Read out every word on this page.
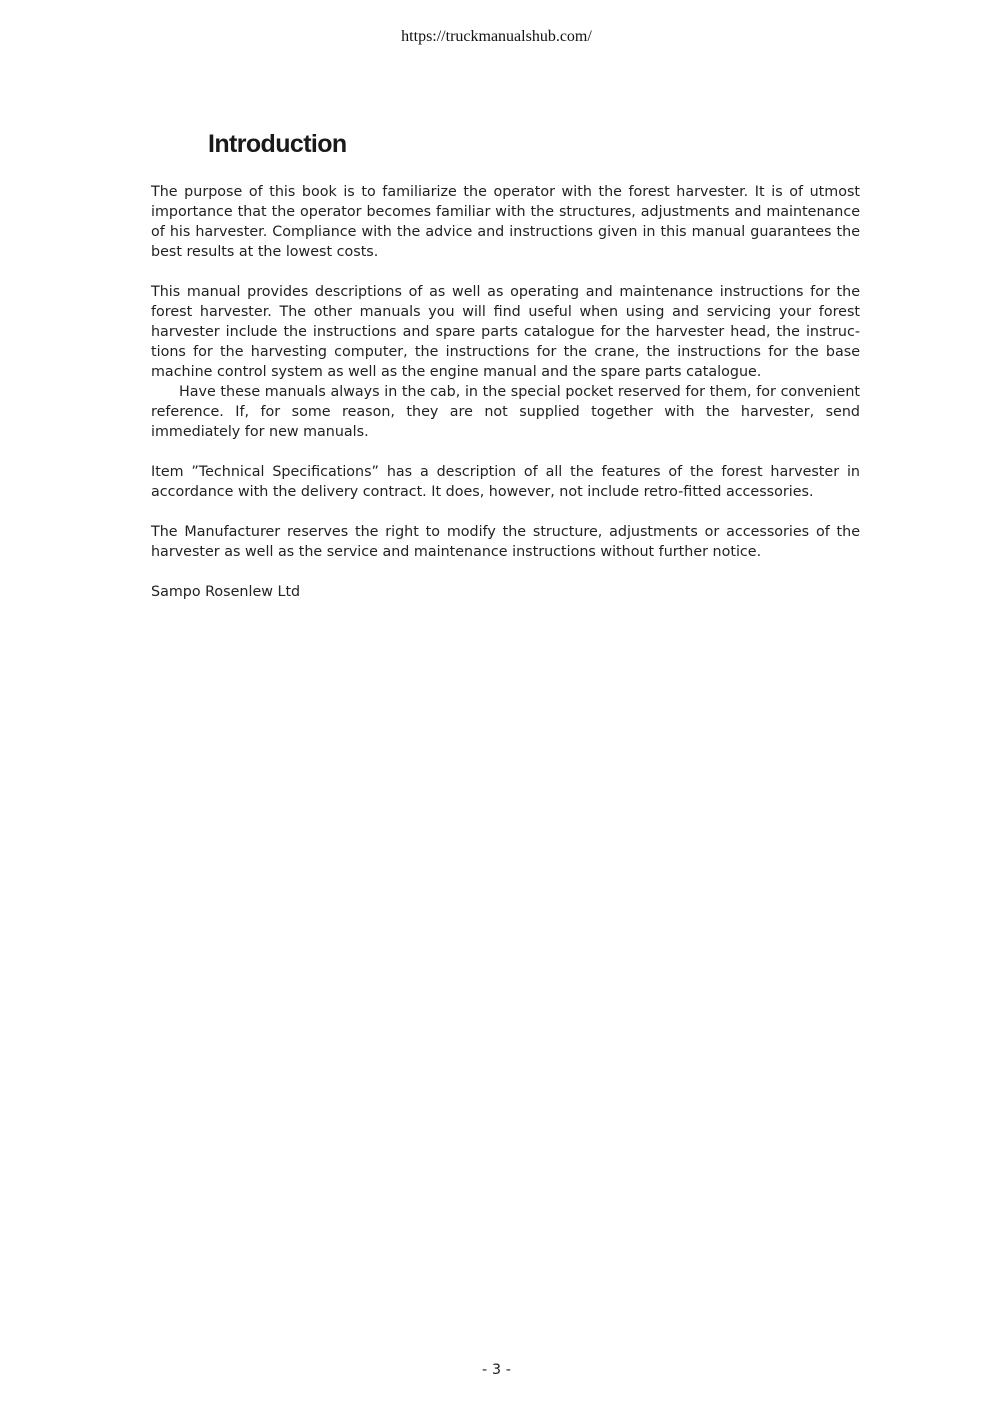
https://truckmanualshub.com/
Introduction

The purpose of this book is to familiarize the operator with the forest harvester. It is of utmost importance that the operator becomes familiar with the structures, adjustments and maintenance of his harvester. Compliance with the advice and instructions given in this manual guarantees the best results at the lowest costs.

This manual provides descriptions of as well as operating and maintenance instructions for the forest harvester. The other manuals you will find useful when using and servicing your forest harvester include the instructions and spare parts catalogue for the harvester head, the instructions for the harvesting computer, the instructions for the crane, the instructions for the base machine control system as well as the engine manual and the spare parts catalogue.

Have these manuals always in the cab, in the special pocket reserved for them, for convenient reference. If, for some reason, they are not supplied together with the harvester, send immediately for new manuals.

Item ”Technical Specifications” has a description of all the features of the forest harvester in accordance with the delivery contract. It does, however, not include retro-fitted accessories.

The Manufacturer reserves the right to modify the structure, adjustments or accessories of the harvester as well as the service and maintenance instructions without further notice.

Sampo Rosenlew Ltd

- 3 -
